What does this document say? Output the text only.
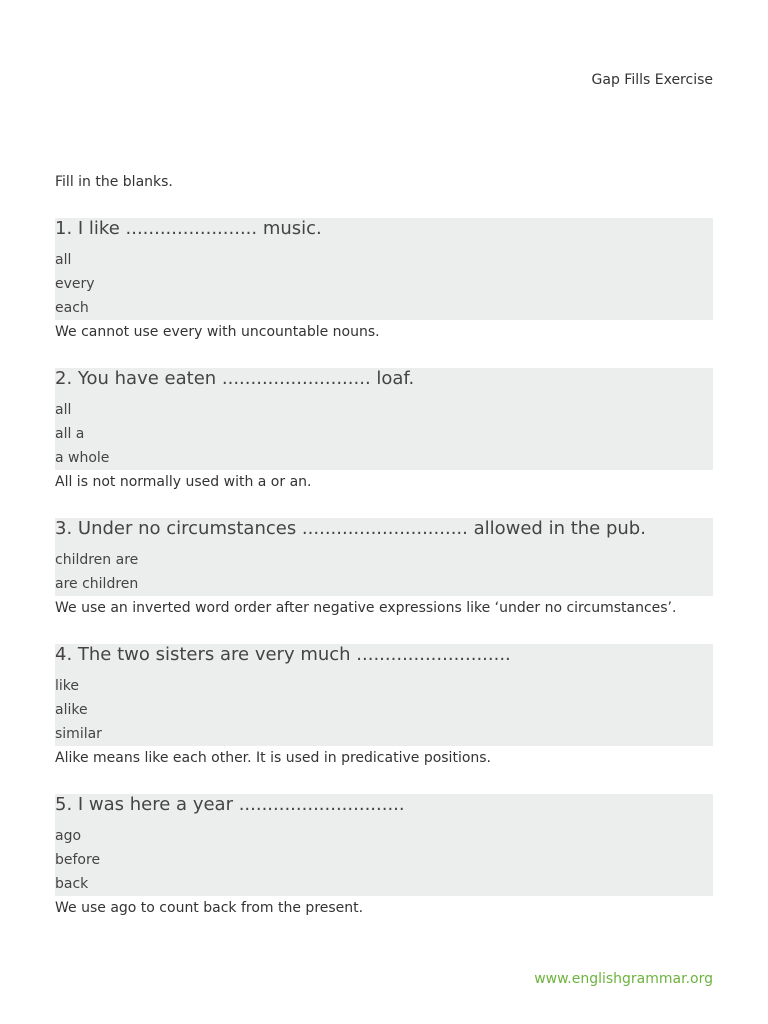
Gap Fills Exercise
Fill in the blanks.
1. I like ....................... music.
all
every
each
We cannot use every with uncountable nouns.
2. You have eaten .......................... loaf.
all
all a
a whole
All is not normally used with a or an.
3. Under no circumstances ............................. allowed in the pub.
children are
are children
We use an inverted word order after negative expressions like ‘under no circumstances’.
4. The two sisters are very much ...........................
like
alike
similar
Alike means like each other. It is used in predicative positions.
5. I was here a year .............................
ago
before
back
We use ago to count back from the present.
www.englishgrammar.org
